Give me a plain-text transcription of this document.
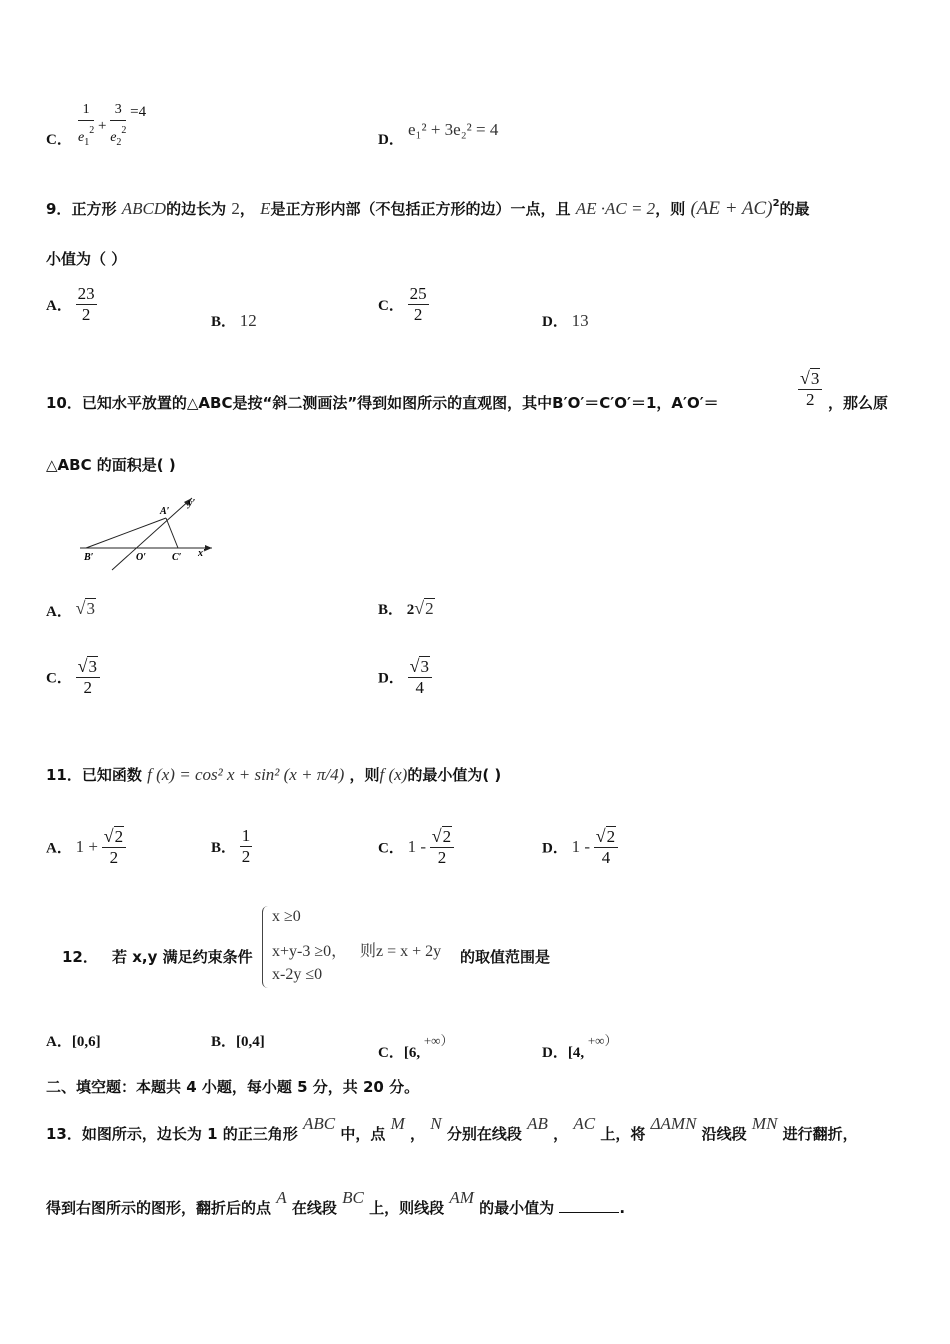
C． $\frac{1}{e_1^2} + \frac{3}{e_2^2} =4$
D．
e₁² + 3e₂² = 4
9．正方形 ABCD的边长为 2， E是正方形内部（不包括正方形的边）一点，且 AE ·AC = 2，则 (AE + AC)$^2$的最
小值为（ ）
A． $\frac{23}{2}$	B． 12
C． $\frac{25}{2}$	D． 13
10．已知水平放置的△ABC是按“斜二测画法”得到如图所示的直观图，其中B′O′＝C′O′＝1，A′O′＝	$\frac{√3}{2}$ ，那么原
△ABC 的面积是( )
A′
B′	O′	C′ x′
y′
A． √3	B． 2√2
C． $\frac{√3}{2}$	D． $\frac{√3}{4}$
11．已知函数 f (x) = cos² x + sin² (x + π/4) ，则f (x)的最小值为( )
A． $1 + \frac{√2}{2}$	B． $\frac{1}{2}$	C． $1 - \frac{√2}{2}$	D． $1 - \frac{√2}{4}$
12． 若 x,y 满足约束条件
x ≥0
x+y-3 ≥0，
x-2y ≤0
则z = x + 2y 的取值范围是
A．[0,6]	B．[0,4]
C．[6, +∞）
D．[4, +∞）
二、填空题：本题共 4 小题，每小题 5 分，共 20 分。
13．如图所示，边长为 1 的正三角形 ABC 中，点 M ， N 分别在线段 AB ， AC 上，将 ΔAMN 沿线段 MN 进行翻折，
得到右图所示的图形，翻折后的点 A 在线段 BC 上，则线段 AM 的最小值为	.
